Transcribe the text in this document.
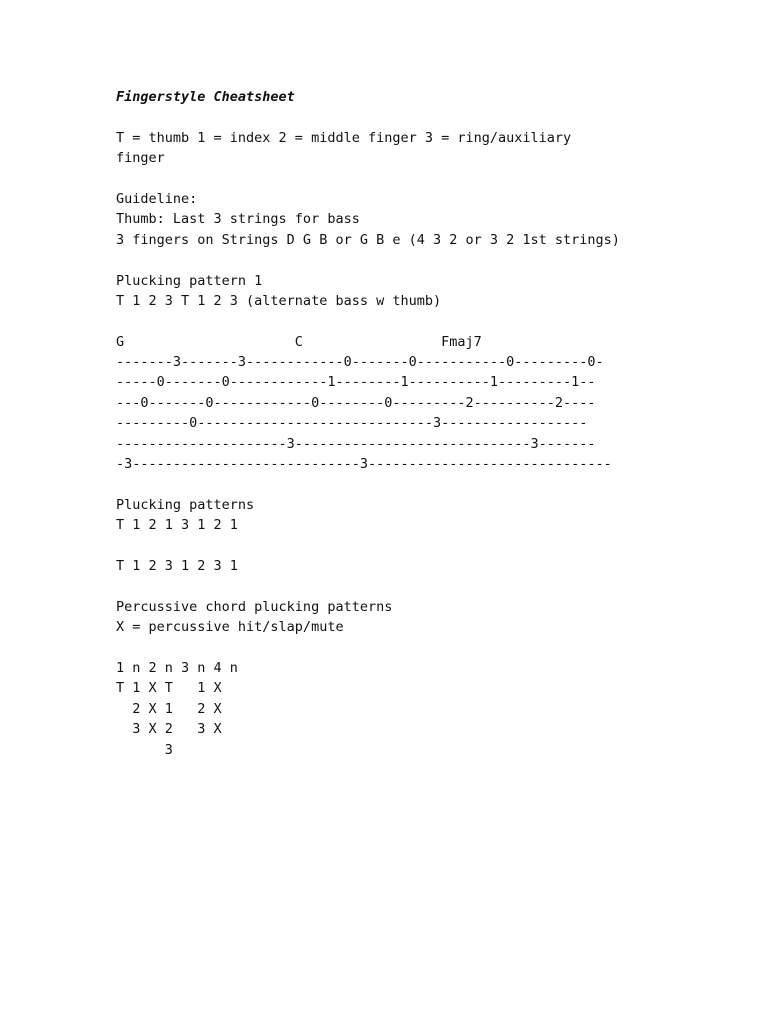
Fingerstyle Cheatsheet
T = thumb 1 = index 2 = middle finger 3 = ring/auxiliary
finger
Guideline:
Thumb: Last 3 strings for bass
3 fingers on Strings D G B or G B e (4 3 2 or 3 2 1st strings)
Plucking pattern 1
T 1 2 3 T 1 2 3 (alternate bass w thumb)
G                     C                 Fmaj7
-------3-------3------------0-------0-----------0---------0-
-----0-------0------------1--------1----------1---------1--
---0-------0------------0--------0---------2----------2----
---------0-----------------------------3------------------
---------------------3-----------------------------3-------
-3----------------------------3------------------------------
Plucking patterns
T 1 2 1 3 1 2 1
T 1 2 3 1 2 3 1
Percussive chord plucking patterns
X = percussive hit/slap/mute
1 n 2 n 3 n 4 n
T 1 X T   1 X
2 X 1   2 X
3 X 2   3 X
3
